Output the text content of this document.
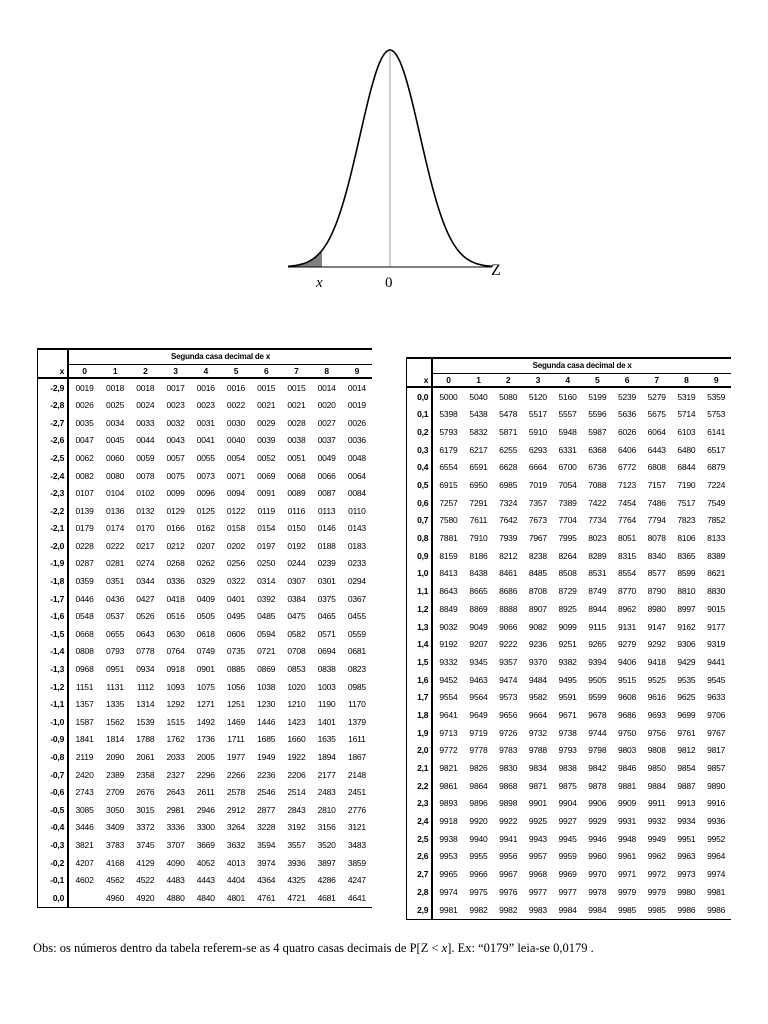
x	0
Z
	Segunda casa decimal de x									
x	0	1	2	3	4	5	6	7	8	9
-2,9	0019	0018	0018	0017	0016	0016	0015	0015	0014	0014
-2,8	0026	0025	0024	0023	0023	0022	0021	0021	0020	0019
-2,7	0035	0034	0033	0032	0031	0030	0029	0028	0027	0026
-2,6	0047	0045	0044	0043	0041	0040	0039	0038	0037	0036
-2,5	0062	0060	0059	0057	0055	0054	0052	0051	0049	0048
-2,4	0082	0080	0078	0075	0073	0071	0069	0068	0066	0064
-2,3	0107	0104	0102	0099	0096	0094	0091	0089	0087	0084
-2,2	0139	0136	0132	0129	0125	0122	0119	0116	0113	0110
-2,1	0179	0174	0170	0166	0162	0158	0154	0150	0146	0143
-2,0	0228	0222	0217	0212	0207	0202	0197	0192	0188	0183
-1,9	0287	0281	0274	0268	0262	0256	0250	0244	0239	0233
-1,8	0359	0351	0344	0336	0329	0322	0314	0307	0301	0294
-1,7	0446	0436	0427	0418	0409	0401	0392	0384	0375	0367
-1,6	0548	0537	0526	0516	0505	0495	0485	0475	0465	0455
-1,5	0668	0655	0643	0630	0618	0606	0594	0582	0571	0559
-1,4	0808	0793	0778	0764	0749	0735	0721	0708	0694	0681
-1,3	0968	0951	0934	0918	0901	0885	0869	0853	0838	0823
-1,2	1151	1131	1112	1093	1075	1056	1038	1020	1003	0985
-1,1	1357	1335	1314	1292	1271	1251	1230	1210	1190	1170
-1,0	1587	1562	1539	1515	1492	1469	1446	1423	1401	1379
-0,9	1841	1814	1788	1762	1736	1711	1685	1660	1635	1611
-0,8	2119	2090	2061	2033	2005	1977	1949	1922	1894	1867
-0,7	2420	2389	2358	2327	2296	2266	2236	2206	2177	2148
-0,6	2743	2709	2676	2643	2611	2578	2546	2514	2483	2451
-0,5	3085	3050	3015	2981	2946	2912	2877	2843	2810	2776
-0,4	3446	3409	3372	3336	3300	3264	3228	3192	3156	3121
-0,3	3821	3783	3745	3707	3669	3632	3594	3557	3520	3483
-0,2	4207	4168	4129	4090	4052	4013	3974	3936	3897	3859
-0,1	4602	4562	4522	4483	4443	4404	4364	4325	4286	4247
0,0		4960	4920	4880	4840	4801	4761	4721	4681	4641
	Segunda casa decimal de x									
x	0	1	2	3	4	5	6	7	8	9
0,0	5000	5040	5080	5120	5160	5199	5239	5279	5319	5359
0,1	5398	5438	5478	5517	5557	5596	5636	5675	5714	5753
0,2	5793	5832	5871	5910	5948	5987	6026	6064	6103	6141
0,3	6179	6217	6255	6293	6331	6368	6406	6443	6480	6517
0,4	6554	6591	6628	6664	6700	6736	6772	6808	6844	6879
0,5	6915	6950	6985	7019	7054	7088	7123	7157	7190	7224
0,6	7257	7291	7324	7357	7389	7422	7454	7486	7517	7549
0,7	7580	7611	7642	7673	7704	7734	7764	7794	7823	7852
0,8	7881	7910	7939	7967	7995	8023	8051	8078	8106	8133
0,9	8159	8186	8212	8238	8264	8289	8315	8340	8365	8389
1,0	8413	8438	8461	8485	8508	8531	8554	8577	8599	8621
1,1	8643	8665	8686	8708	8729	8749	8770	8790	8810	8830
1,2	8849	8869	8888	8907	8925	8944	8962	8980	8997	9015
1,3	9032	9049	9066	9082	9099	9115	9131	9147	9162	9177
1,4	9192	9207	9222	9236	9251	9265	9279	9292	9306	9319
1,5	9332	9345	9357	9370	9382	9394	9406	9418	9429	9441
1,6	9452	9463	9474	9484	9495	9505	9515	9525	9535	9545
1,7	9554	9564	9573	9582	9591	9599	9608	9616	9625	9633
1,8	9641	9649	9656	9664	9671	9678	9686	9693	9699	9706
1,9	9713	9719	9726	9732	9738	9744	9750	9756	9761	9767
2,0	9772	9778	9783	9788	9793	9798	9803	9808	9812	9817
2,1	9821	9826	9830	9834	9838	9842	9846	9850	9854	9857
2,2	9861	9864	9868	9871	9875	9878	9881	9884	9887	9890
2,3	9893	9896	9898	9901	9904	9906	9909	9911	9913	9916
2,4	9918	9920	9922	9925	9927	9929	9931	9932	9934	9936
2,5	9938	9940	9941	9943	9945	9946	9948	9949	9951	9952
2,6	9953	9955	9956	9957	9959	9960	9961	9962	9963	9964
2,7	9965	9966	9967	9968	9969	9970	9971	9972	9973	9974
2,8	9974	9975	9976	9977	9977	9978	9979	9979	9980	9981
2,9	9981	9982	9982	9983	9984	9984	9985	9985	9986	9986
Obs: os números dentro da tabela referem-se as 4 quatro casas decimais de P[Z < x]. Ex: “0179” leia-se 0,0179 .
